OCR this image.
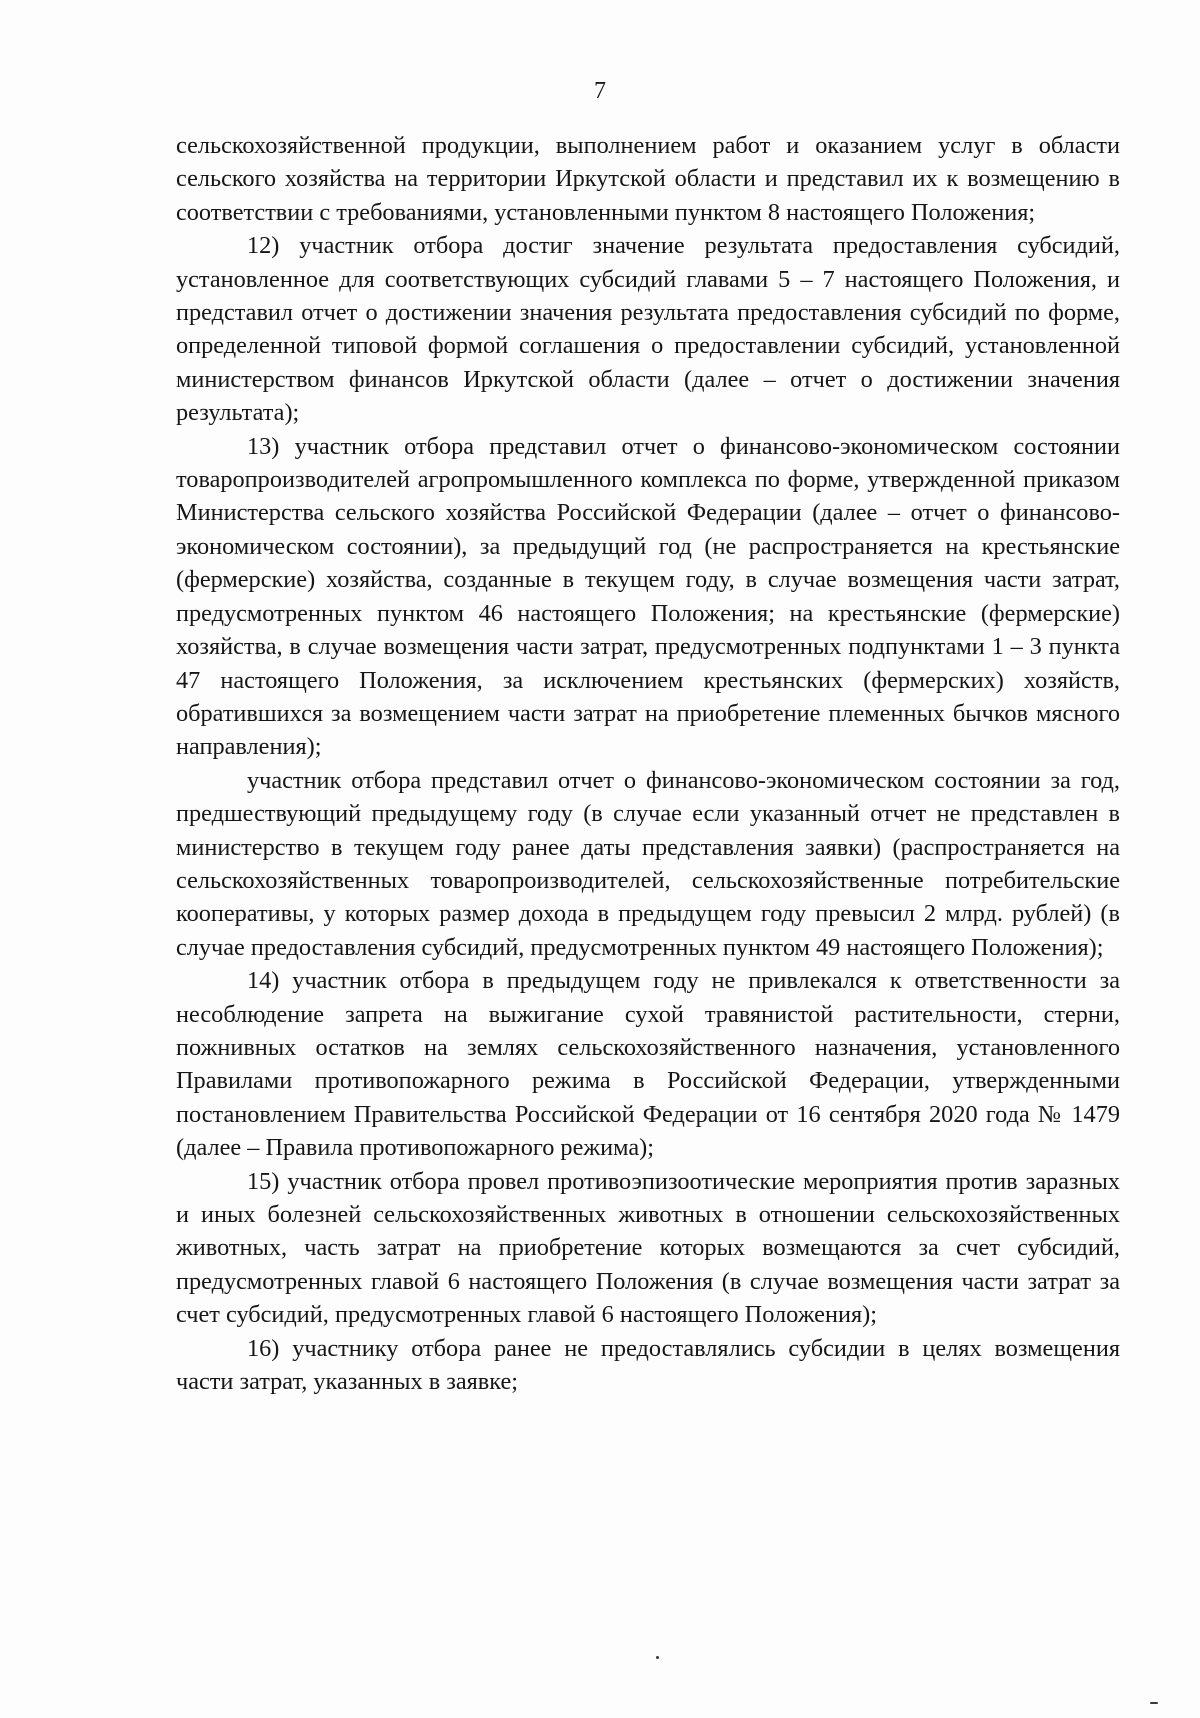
7

сельскохозяйственной продукции, выполнением работ и оказанием услуг в области сельского хозяйства на территории Иркутской области и представил их к возмещению в соответствии с требованиями, установленными пунктом 8 настоящего Положения;

12) участник отбора достиг значение результата предоставления субсидий, установленное для соответствующих субсидий главами 5 – 7 настоящего Положения, и представил отчет о достижении значения результата предоставления субсидий по форме, определенной типовой формой соглашения о предоставлении субсидий, установленной министерством финансов Иркутской области (далее – отчет о достижении значения результата);

13) участник отбора представил отчет о финансово-экономическом состоянии товаропроизводителей агропромышленного комплекса по форме, утвержденной приказом Министерства сельского хозяйства Российской Федерации (далее – отчет о финансово-экономическом состоянии), за предыдущий год (не распространяется на крестьянские (фермерские) хозяйства, созданные в текущем году, в случае возмещения части затрат, предусмотренных пунктом 46 настоящего Положения; на крестьянские (фермерские) хозяйства, в случае возмещения части затрат, предусмотренных подпунктами 1 – 3 пункта 47 настоящего Положения, за исключением крестьянских (фермерских) хозяйств, обратившихся за возмещением части затрат на приобретение племенных бычков мясного направления);

участник отбора представил отчет о финансово-экономическом состоянии за год, предшествующий предыдущему году (в случае если указанный отчет не представлен в министерство в текущем году ранее даты представления заявки) (распространяется на сельскохозяйственных товаропроизводителей, сельскохозяйственные потребительские кооперативы, у которых размер дохода в предыдущем году превысил 2 млрд. рублей) (в случае предоставления субсидий, предусмотренных пунктом 49 настоящего Положения);

14) участник отбора в предыдущем году не привлекался к ответственности за несоблюдение запрета на выжигание сухой травянистой растительности, стерни, пожнивных остатков на землях сельскохозяйственного назначения, установленного Правилами противопожарного режима в Российской Федерации, утвержденными постановлением Правительства Российской Федерации от 16 сентября 2020 года № 1479 (далее – Правила противопожарного режима);

15) участник отбора провел противоэпизоотические мероприятия против заразных и иных болезней сельскохозяйственных животных в отношении сельскохозяйственных животных, часть затрат на приобретение которых возмещаются за счет субсидий, предусмотренных главой 6 настоящего Положения (в случае возмещения части затрат за счет субсидий, предусмотренных главой 6 настоящего Положения);

16) участнику отбора ранее не предоставлялись субсидии в целях возмещения части затрат, указанных в заявке;
